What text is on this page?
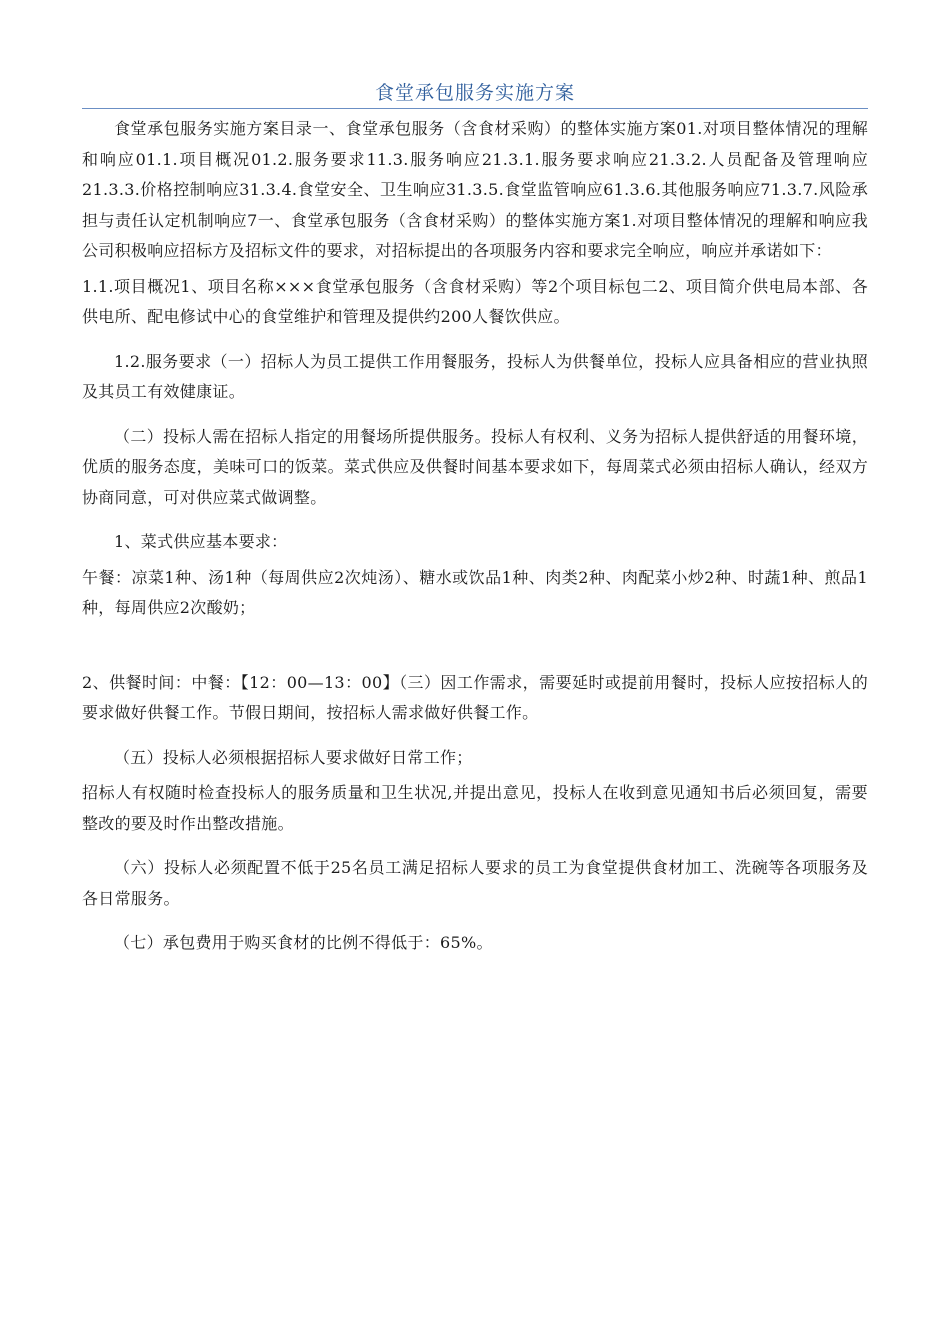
食堂承包服务实施方案

食堂承包服务实施方案目录一、食堂承包服务（含食材采购）的整体实施方案01.对项目整体情况的理解和响应01.1.项目概况01.2.服务要求11.3.服务响应21.3.1.服务要求响应21.3.2.人员配备及管理响应21.3.3.价格控制响应31.3.4.食堂安全、卫生响应31.3.5.食堂监管响应61.3.6.其他服务响应71.3.7.风险承担与责任认定机制响应7一、食堂承包服务（含食材采购）的整体实施方案1.对项目整体情况的理解和响应我公司积极响应招标方及招标文件的要求，对招标提出的各项服务内容和要求完全响应，响应并承诺如下：

1.1.项目概况1、项目名称×××食堂承包服务（含食材采购）等2个项目标包二2、项目简介供电局本部、各供电所、配电修试中心的食堂维护和管理及提供约200人餐饮供应。

1.2.服务要求（一）招标人为员工提供工作用餐服务，投标人为供餐单位，投标人应具备相应的营业执照及其员工有效健康证。

（二）投标人需在招标人指定的用餐场所提供服务。投标人有权利、义务为招标人提供舒适的用餐环境，优质的服务态度，美味可口的饭菜。菜式供应及供餐时间基本要求如下，每周菜式必须由招标人确认，经双方协商同意，可对供应菜式做调整。

1、菜式供应基本要求：

午餐：凉菜1种、汤1种（每周供应2次炖汤）、糖水或饮品1种、肉类2种、肉配菜小炒2种、时蔬1种、煎品1种，每周供应2次酸奶；

2、供餐时间：中餐：【12：00—13：00】（三）因工作需求，需要延时或提前用餐时，投标人应按招标人的要求做好供餐工作。节假日期间，按招标人需求做好供餐工作。

（五）投标人必须根据招标人要求做好日常工作；

招标人有权随时检查投标人的服务质量和卫生状况,并提出意见，投标人在收到意见通知书后必须回复，需要整改的要及时作出整改措施。

（六）投标人必须配置不低于25名员工满足招标人要求的员工为食堂提供食材加工、洗碗等各项服务及各日常服务。

（七）承包费用于购买食材的比例不得低于：65%。
